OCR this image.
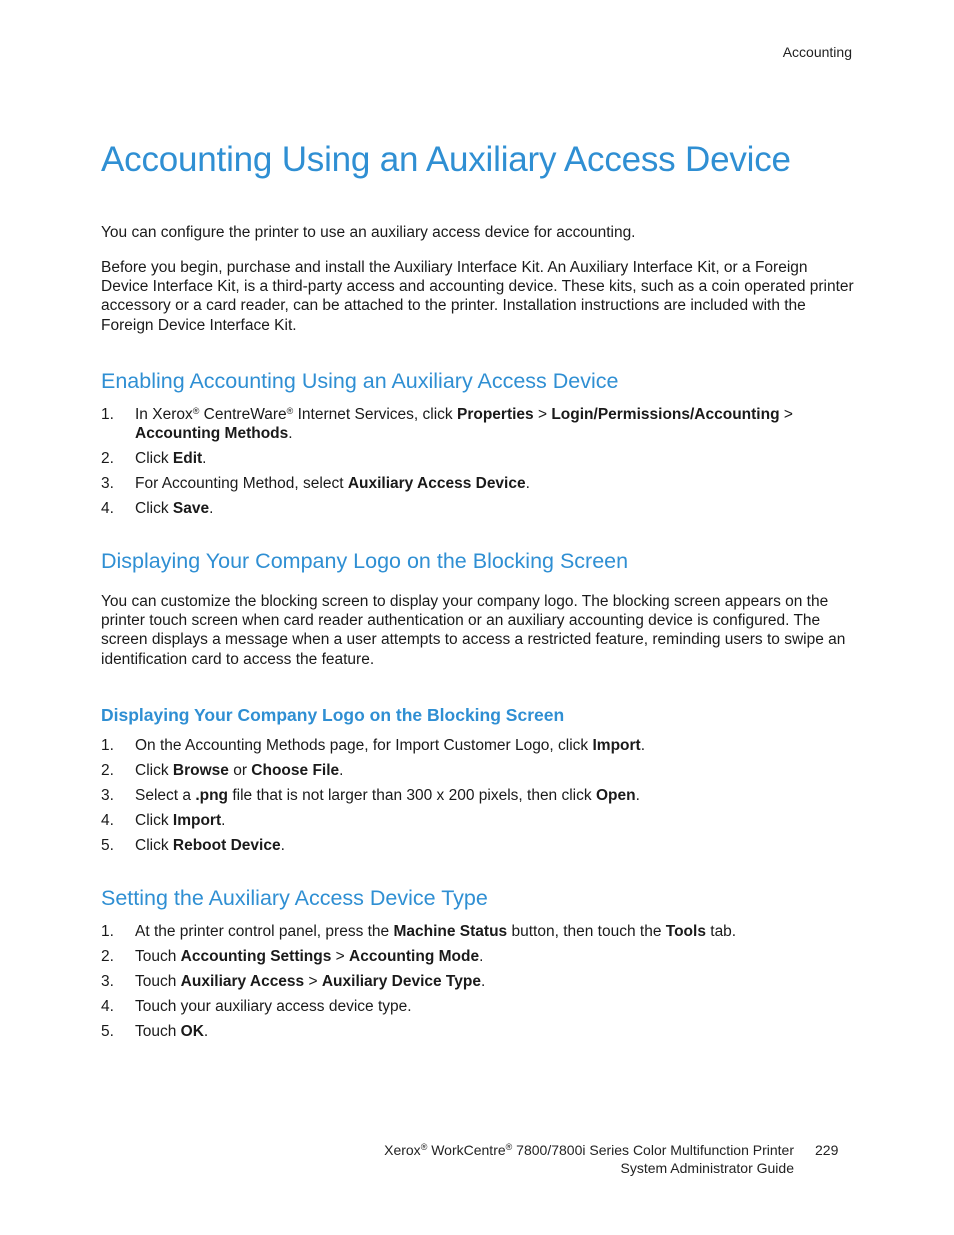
Accounting
Accounting Using an Auxiliary Access Device

You can configure the printer to use an auxiliary access device for accounting.

Before you begin, purchase and install the Auxiliary Interface Kit. An Auxiliary Interface Kit, or a Foreign Device Interface Kit, is a third-party access and accounting device. These kits, such as a coin operated printer accessory or a card reader, can be attached to the printer. Installation instructions are included with the Foreign Device Interface Kit.

Enabling Accounting Using an Auxiliary Access Device
1. In Xerox® CentreWare® Internet Services, click Properties > Login/Permissions/Accounting > Accounting Methods.
2. Click Edit.
3. For Accounting Method, select Auxiliary Access Device.
4. Click Save.
Displaying Your Company Logo on the Blocking Screen

You can customize the blocking screen to display your company logo. The blocking screen appears on the printer touch screen when card reader authentication or an auxiliary accounting device is configured. The screen displays a message when a user attempts to access a restricted feature, reminding users to swipe an identification card to access the feature.

Displaying Your Company Logo on the Blocking Screen
1. On the Accounting Methods page, for Import Customer Logo, click Import.
2. Click Browse or Choose File.
3. Select a .png file that is not larger than 300 x 200 pixels, then click Open.
4. Click Import.
5. Click Reboot Device.
Setting the Auxiliary Access Device Type
1. At the printer control panel, press the Machine Status button, then touch the Tools tab.
2. Touch Accounting Settings > Accounting Mode.
3. Touch Auxiliary Access > Auxiliary Device Type.
4. Touch your auxiliary access device type.
5. Touch OK.
Xerox® WorkCentre® 7800/7800i Series Color Multifunction Printer
System Administrator Guide
229
